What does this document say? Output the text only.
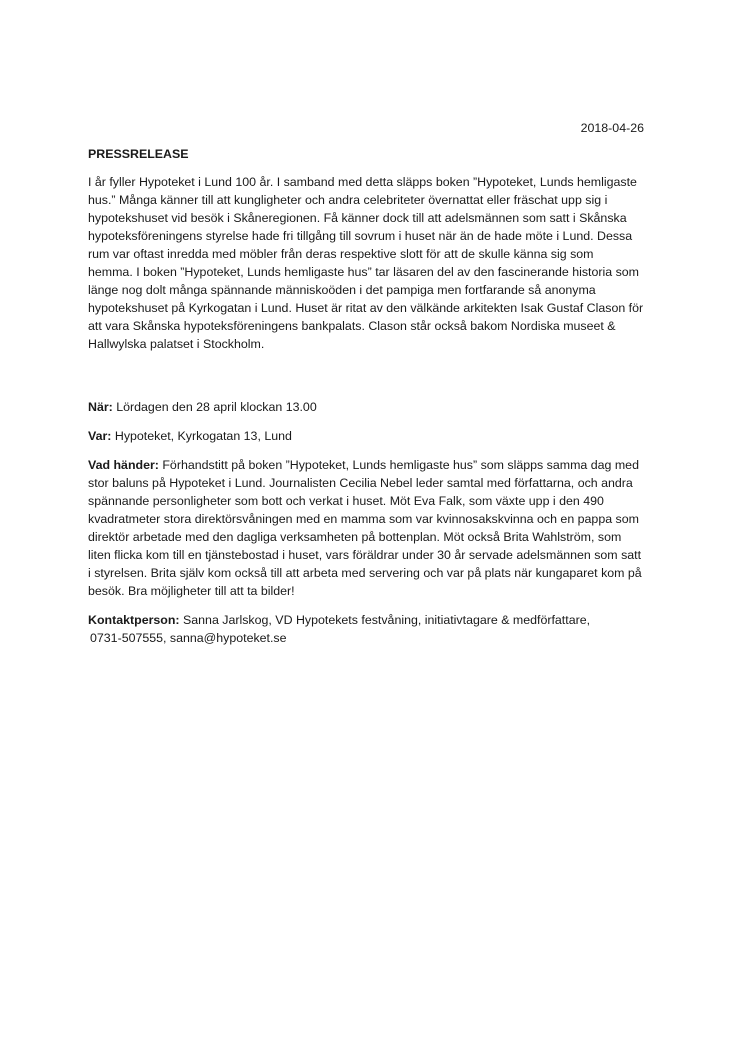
2018-04-26

PRESSRELEASE

I år fyller Hypoteket i Lund 100 år. I samband med detta släpps boken ”Hypoteket, Lunds hemligaste
hus.” Många känner till att kungligheter och andra celebriteter övernattat eller fräschat upp sig i
hypotekshuset vid besök i Skåneregionen. Få känner dock till att adelsmännen som satt i Skånska
hypoteksföreningens styrelse hade fri tillgång till sovrum i huset när än de hade möte i Lund. Dessa
rum var oftast inredda med möbler från deras respektive slott för att de skulle känna sig som
hemma. I boken ”Hypoteket, Lunds hemligaste hus” tar läsaren del av den fascinerande historia som
länge nog dolt många spännande människoöden i det pampiga men fortfarande så anonyma
hypotekshuset på Kyrkogatan i Lund. Huset är ritat av den välkände arkitekten Isak Gustaf Clason för
att vara Skånska hypoteksföreningens bankpalats. Clason står också bakom Nordiska museet &
Hallwylska palatset i Stockholm.

När: Lördagen den 28 april klockan 13.00

Var: Hypoteket, Kyrkogatan 13, Lund

Vad händer: Förhandstitt på boken ”Hypoteket, Lunds hemligaste hus” som släpps samma dag med
stor baluns på Hypoteket i Lund. Journalisten Cecilia Nebel leder samtal med författarna, och andra
spännande personligheter som bott och verkat i huset. Möt Eva Falk, som växte upp i den 490
kvadratmeter stora direktörsvåningen med en mamma som var kvinnosakskvinna och en pappa som
direktör arbetade med den dagliga verksamheten på bottenplan. Möt också Brita Wahlström, som
liten flicka kom till en tjänstebostad i huset, vars föräldrar under 30 år servade adelsmännen som satt
i styrelsen. Brita själv kom också till att arbeta med servering och var på plats när kungaparet kom på
besök. Bra möjligheter till att ta bilder!

Kontaktperson: Sanna Jarlskog, VD Hypotekets festvåning, initiativtagare & medförfattare,

0731-507555, sanna@hypoteket.se
